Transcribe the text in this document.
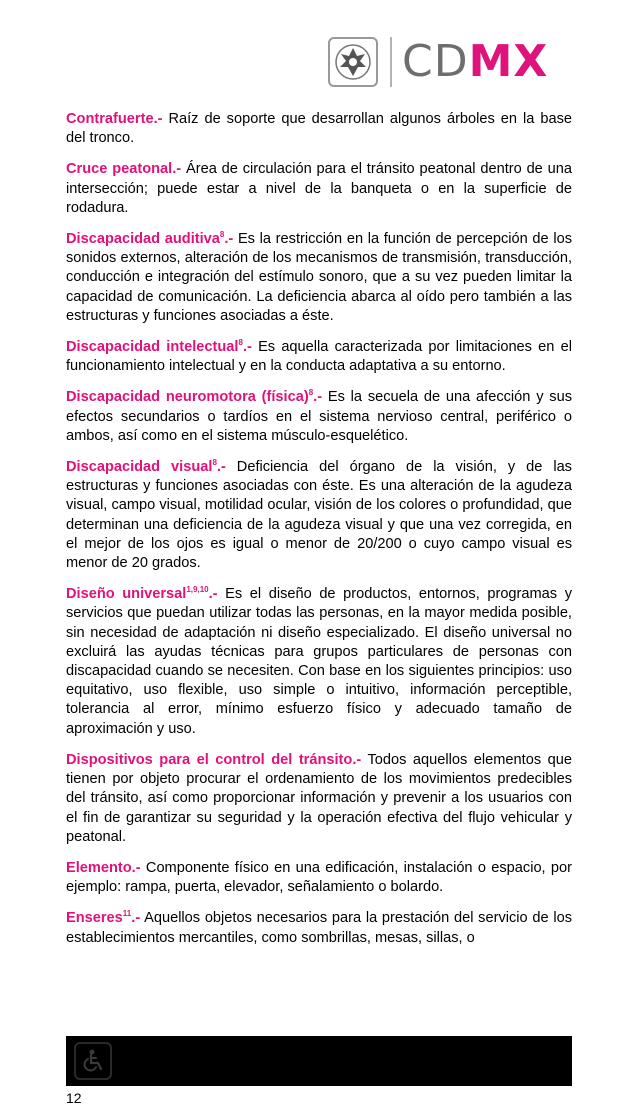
CDMX

Contrafuerte.- Raíz de soporte que desarrollan algunos árboles en la base del tronco.

Cruce peatonal.- Área de circulación para el tránsito peatonal dentro de una intersección; puede estar a nivel de la banqueta o en la superficie de rodadura.

Discapacidad auditiva$^8$.- Es la restricción en la función de percepción de los sonidos externos, alteración de los mecanismos de transmisión, transducción, conducción e integración del estímulo sonoro, que a su vez pueden limitar la capacidad de comunicación. La deficiencia abarca al oído pero también a las estructuras y funciones asociadas a éste.

Discapacidad intelectual$^8$.- Es aquella caracterizada por limitaciones en el funcionamiento intelectual y en la conducta adaptativa a su entorno.

Discapacidad neuromotora (física)$^8$.- Es la secuela de una afección y sus efectos secundarios o tardíos en el sistema nervioso central, periférico o ambos, así como en el sistema músculo-esquelético.

Discapacidad visual$^8$.- Deficiencia del órgano de la visión, y de las estructuras y funciones asociadas con éste. Es una alteración de la agudeza visual, campo visual, motilidad ocular, visión de los colores o profundidad, que determinan una deficiencia de la agudeza visual y que una vez corregida, en el mejor de los ojos es igual o menor de 20/200 o cuyo campo visual es menor de 20 grados.

Diseño universal$^{1,9,10}$.- Es el diseño de productos, entornos, programas y servicios que puedan utilizar todas las personas, en la mayor medida posible, sin necesidad de adaptación ni diseño especializado. El diseño universal no excluirá las ayudas técnicas para grupos particulares de personas con discapacidad cuando se necesiten. Con base en los siguientes principios: uso equitativo, uso flexible, uso simple o intuitivo, información perceptible, tolerancia al error, mínimo esfuerzo físico y adecuado tamaño de aproximación y uso.

Dispositivos para el control del tránsito.- Todos aquellos elementos que tienen por objeto procurar el ordenamiento de los movimientos predecibles del tránsito, así como proporcionar información y prevenir a los usuarios con el fin de garantizar su seguridad y la operación efectiva del flujo vehicular y peatonal.

Elemento.- Componente físico en una edificación, instalación o espacio, por ejemplo: rampa, puerta, elevador, señalamiento o bolardo.

Enseres$^{11}$.- Aquellos objetos necesarios para la prestación del servicio de los establecimientos mercantiles, como sombrillas, mesas, sillas, o

12
